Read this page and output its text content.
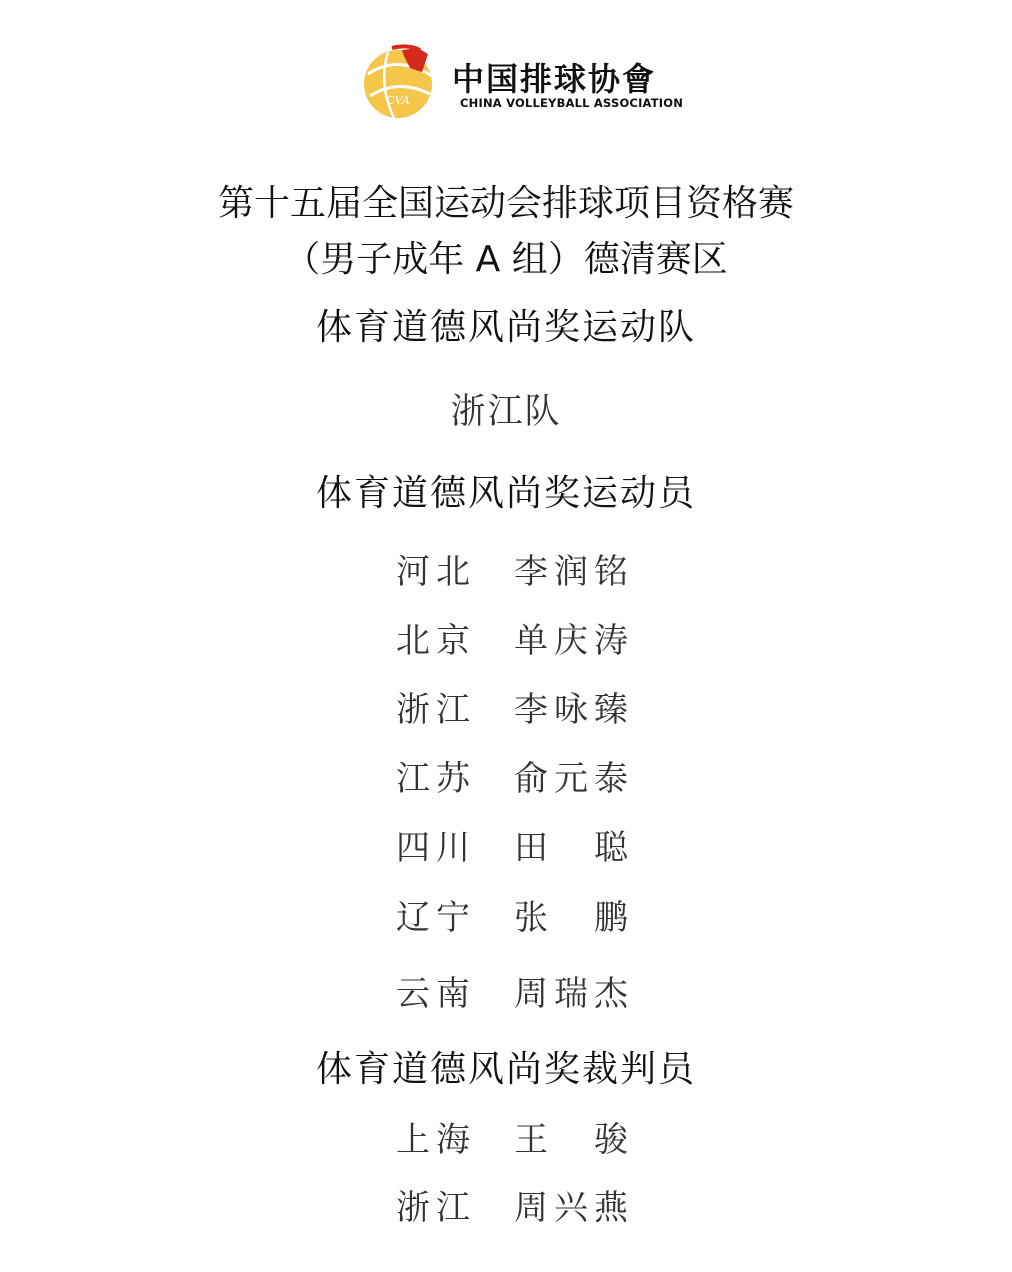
CVA
中国排球协會
CHINA VOLLEYBALL ASSOCIATION
第十五届全国运动会排球项目资格赛
（男子成年 A 组）德清赛区
体育道德风尚奖运动队
浙江队
体育道德风尚奖运动员
河北 李润铭
北京 单庆涛
浙江 李咏臻
江苏 俞元泰
四川 田聪
辽宁 张鹏
云南 周瑞杰
体育道德风尚奖裁判员
上海 王骏
浙江 周兴燕
